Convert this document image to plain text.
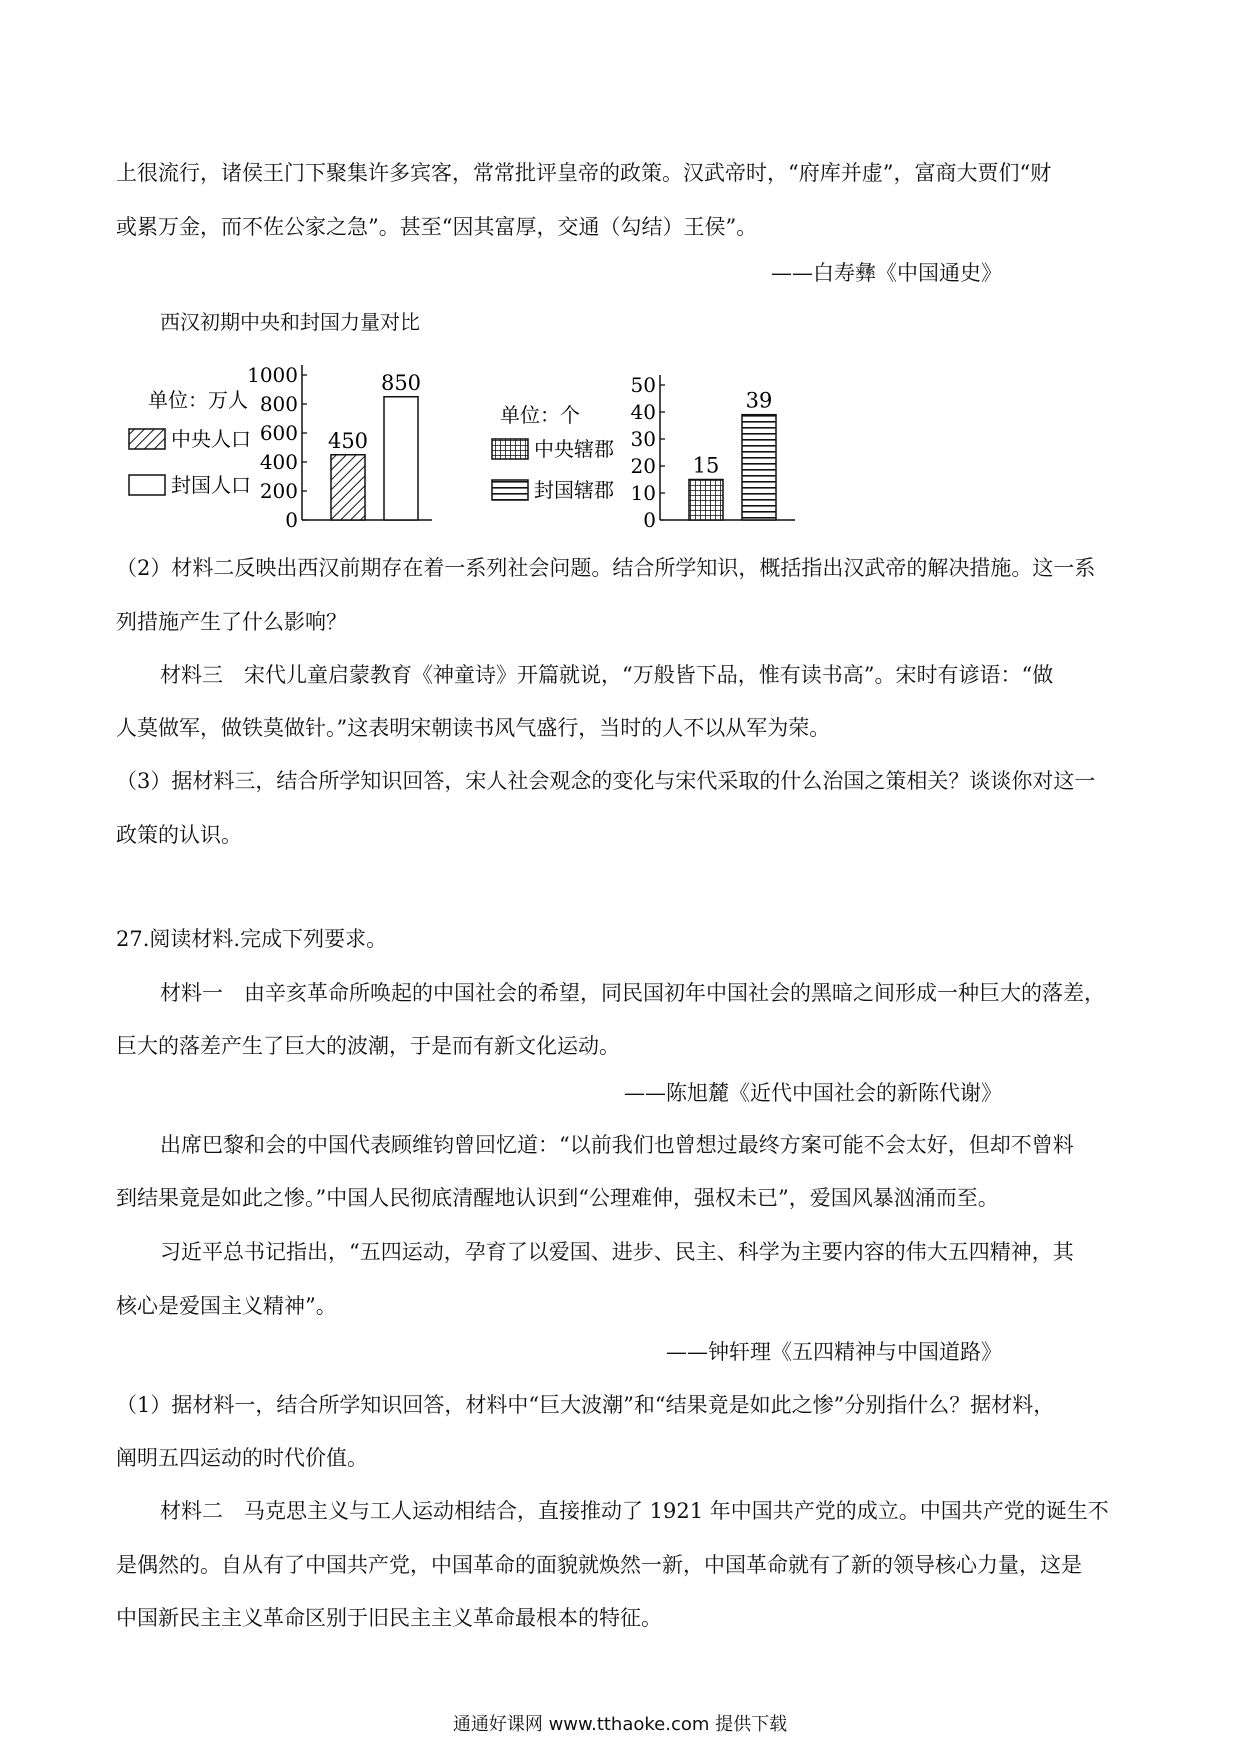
上很流行，诸侯王门下聚集许多宾客，常常批评皇帝的政策。汉武帝时，“府库并虚”，富商大贾们“财
或累万金，而不佐公家之急”。甚至“因其富厚，交通（勾结）王侯”。
——白寿彝《中国通史》
西汉初期中央和封国力量对比
单位：万人
中央人口
封国人口
0
200
400
600
800
1000
450
850
单位：个
中央辖郡
封国辖郡
0
10
20
30
40
50
15
39
（2）材料二反映出西汉前期存在着一系列社会问题。结合所学知识，概括指出汉武帝的解决措施。这一系
列措施产生了什么影响？
材料三　宋代儿童启蒙教育《神童诗》开篇就说，“万般皆下品，惟有读书高”。宋时有谚语：“做
人莫做军，做铁莫做针。”这表明宋朝读书风气盛行，当时的人不以从军为荣。
（3）据材料三，结合所学知识回答，宋人社会观念的变化与宋代采取的什么治国之策相关？谈谈你对这一
政策的认识。
27.阅读材料.完成下列要求。
材料一　由辛亥革命所唤起的中国社会的希望，同民国初年中国社会的黑暗之间形成一种巨大的落差，
巨大的落差产生了巨大的波潮，于是而有新文化运动。
——陈旭麓《近代中国社会的新陈代谢》
出席巴黎和会的中国代表顾维钧曾回忆道：“以前我们也曾想过最终方案可能不会太好，但却不曾料
到结果竟是如此之惨。”中国人民彻底清醒地认识到“公理难伸，强权未已”，爱国风暴汹涌而至。
习近平总书记指出，“五四运动，孕育了以爱国、进步、民主、科学为主要内容的伟大五四精神，其
核心是爱国主义精神”。
——钟轩理《五四精神与中国道路》
（1）据材料一，结合所学知识回答，材料中“巨大波潮”和“结果竟是如此之惨”分别指什么？据材料，
阐明五四运动的时代价值。
材料二　马克思主义与工人运动相结合，直接推动了 1921 年中国共产党的成立。中国共产党的诞生不
是偶然的。自从有了中国共产党，中国革命的面貌就焕然一新，中国革命就有了新的领导核心力量，这是
中国新民主主义革命区别于旧民主主义革命最根本的特征。
通通好课网 www.tthaoke.com 提供下载
